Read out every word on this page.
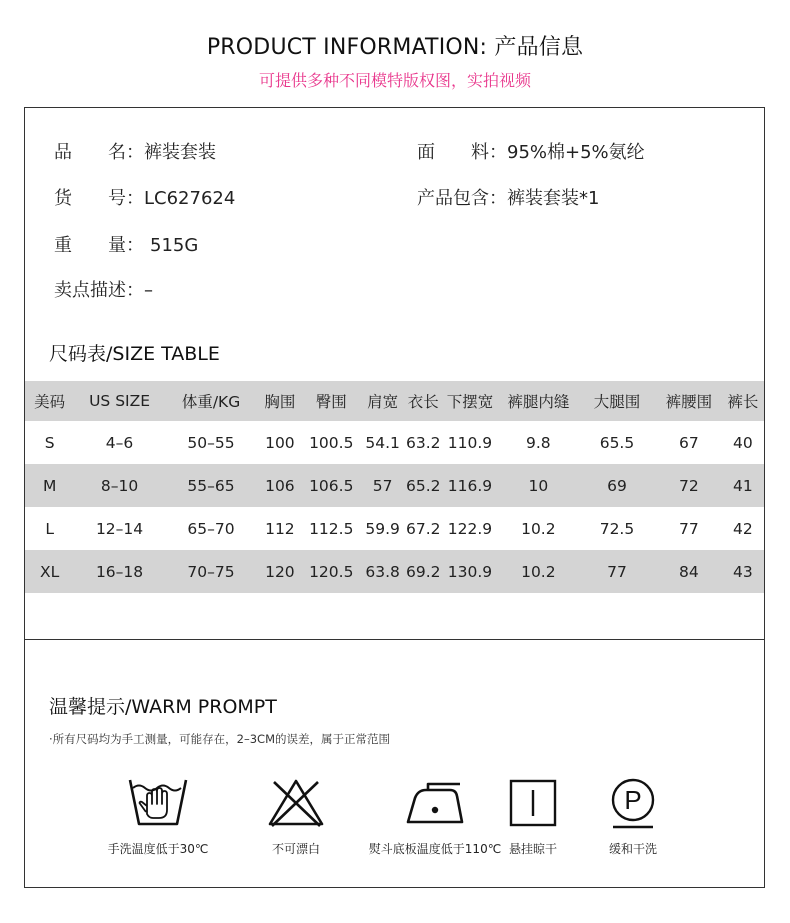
PRODUCT INFORMATION: 产品信息
可提供多种不同模特版权图，实拍视频
品　　名：裤装套装	面　　料：95%棉+5%氨纶
货　　号：LC627624	产品包含：裤装套装*1
重　　量： 515G
卖点描述：–
尺码表/SIZE TABLE
美码	US SIZE	体重/KG	胸围	臀围	肩宽	衣长	下摆宽	裤腿内缝	大腿围	裤腰围	裤长
S	4–6	50–55	100	100.5	54.1	63.2	110.9	9.8	65.5	67	40
M	8–10	55–65	106	106.5	57	65.2	116.9	10	69	72	41
L	12–14	65–70	112	112.5	59.9	67.2	122.9	10.2	72.5	77	42
XL	16–18	70–75	120	120.5	63.8	69.2	130.9	10.2	77	84	43
温馨提示/WARM PROMPT
·所有尺码均为手工测量，可能存在，2–3CM的误差，属于正常范围
手洗温度低于30℃	不可漂白	熨斗底板温度低于110℃ 悬挂晾干
P
缓和干洗
